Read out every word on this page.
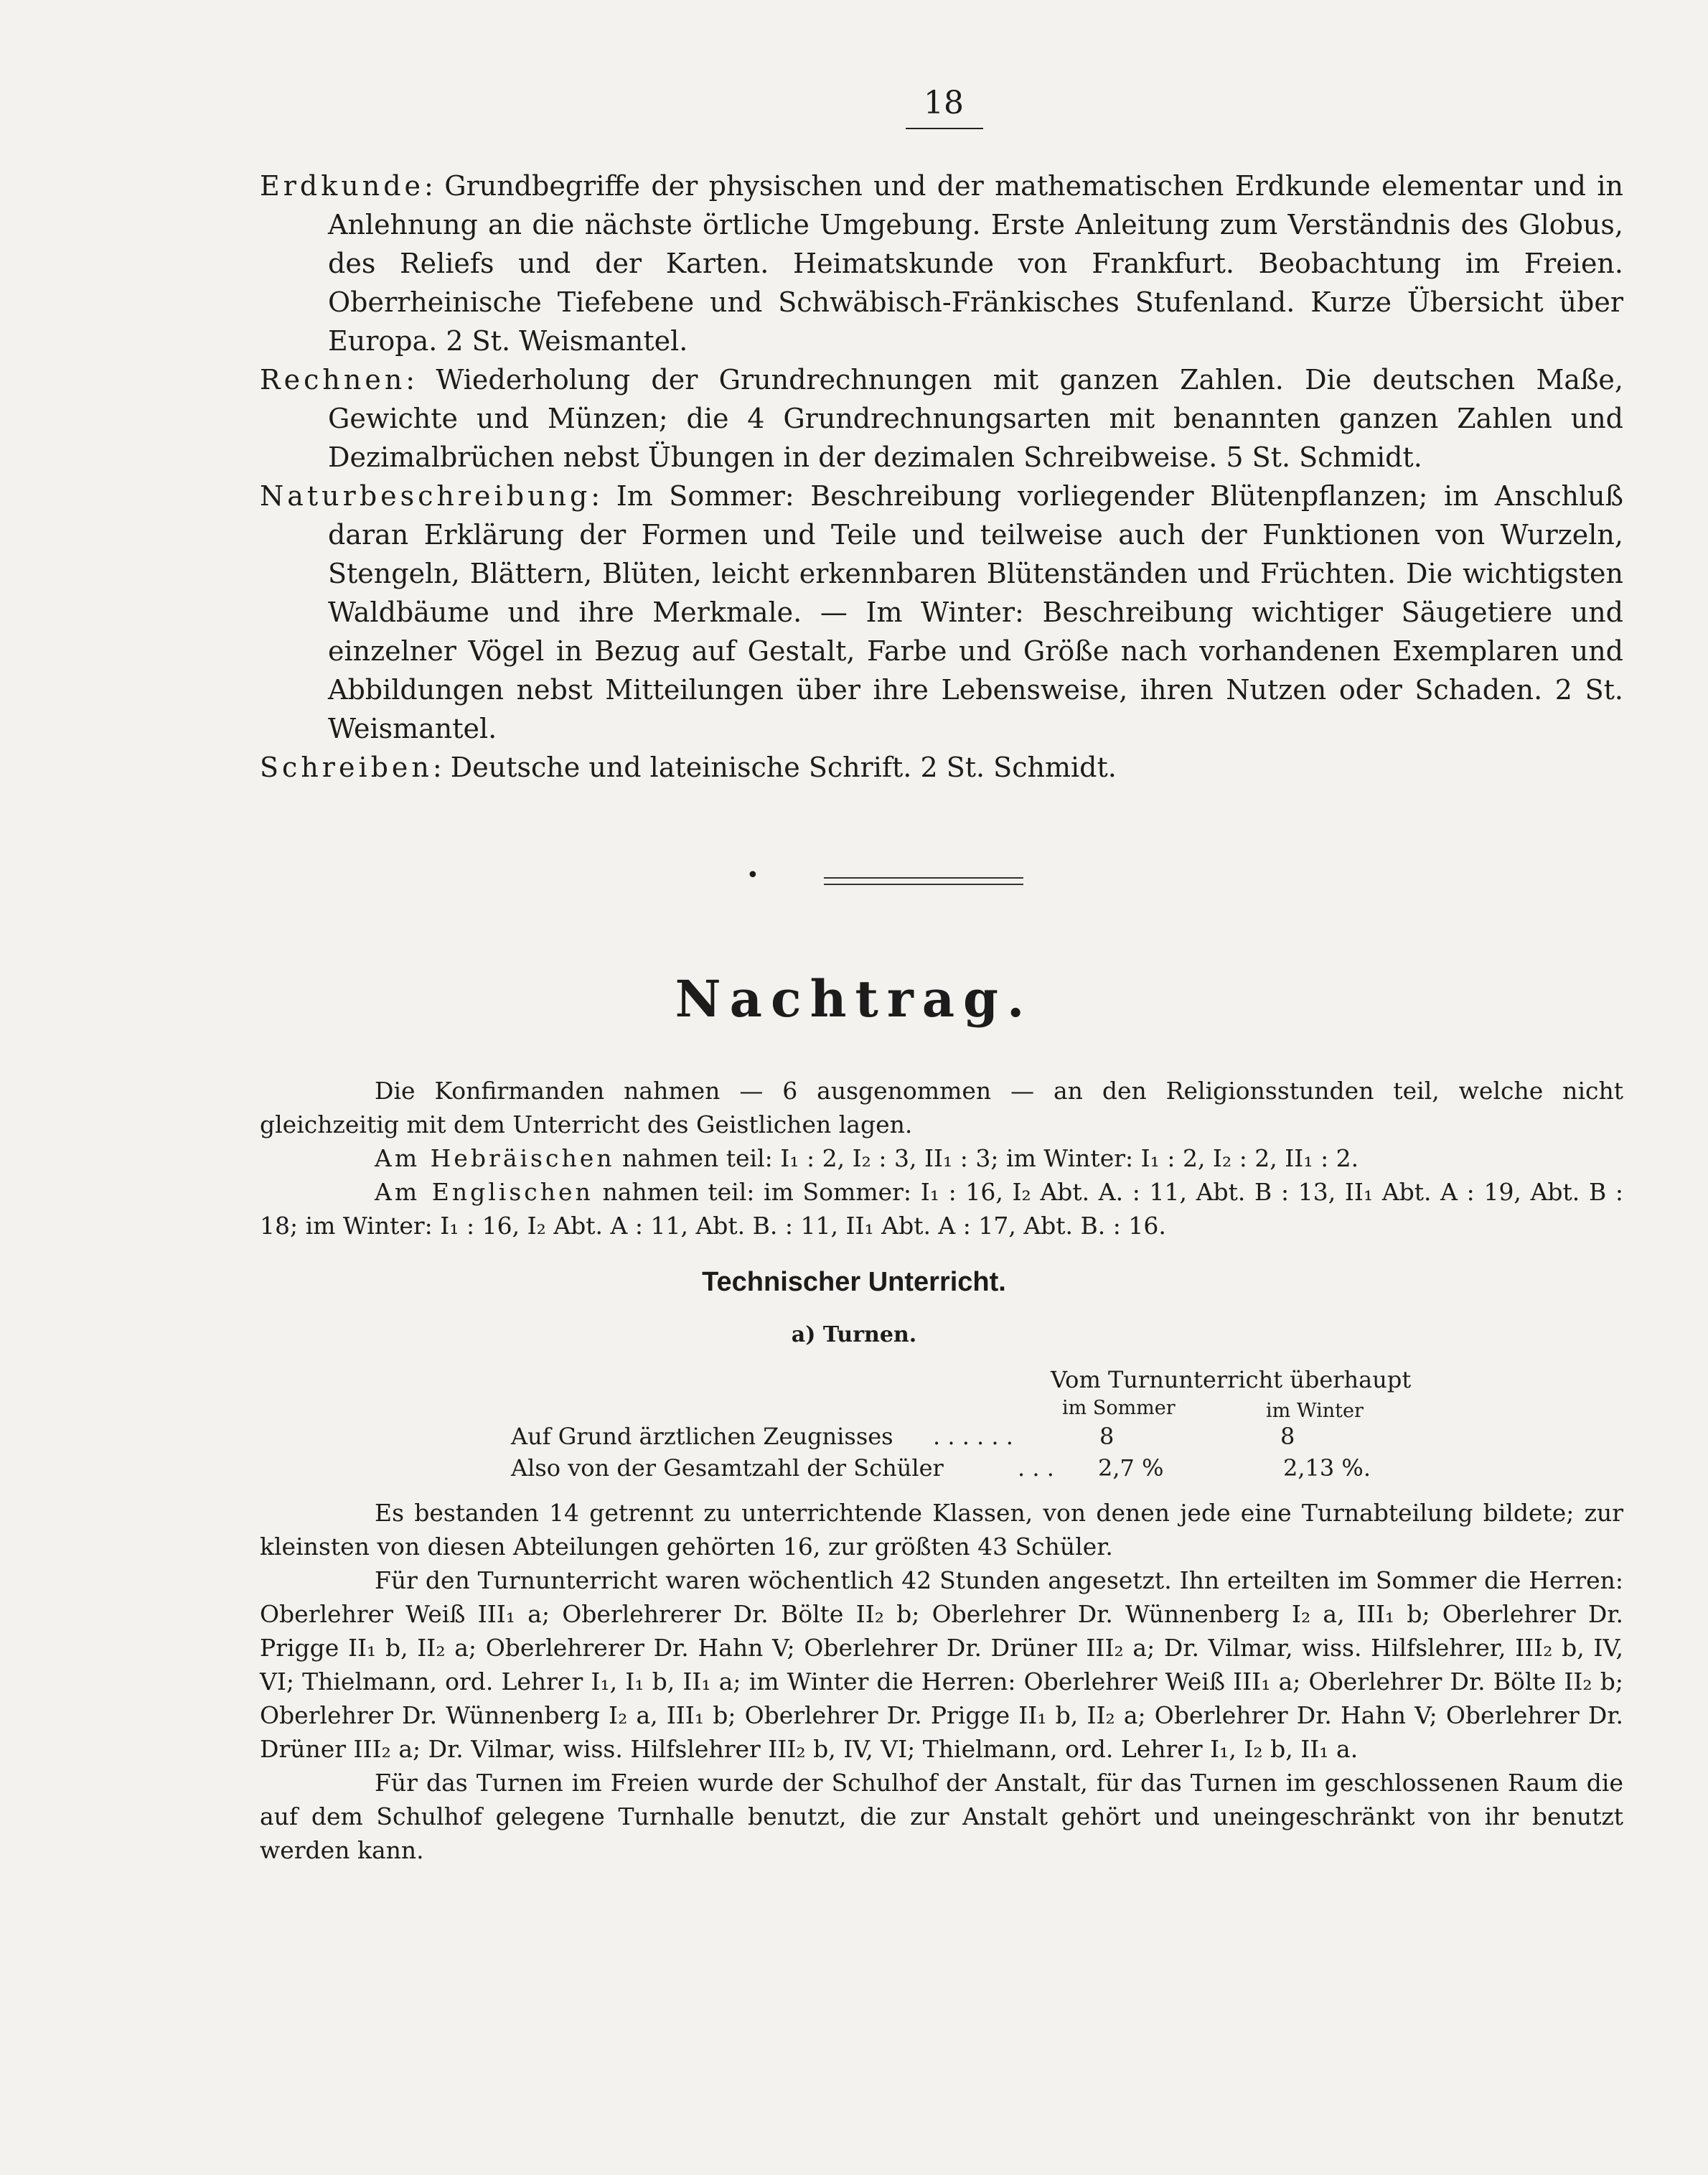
18

Erdkunde: Grundbegriffe der physischen und der mathematischen Erdkunde elementar und in Anlehnung an die nächste örtliche Umgebung. Erste Anleitung zum Verständnis des Globus, des Reliefs und der Karten. Heimatskunde von Frankfurt. Beobachtung im Freien. Oberrheinische Tiefebene und Schwäbisch-Fränkisches Stufenland. Kurze Übersicht über Europa. 2 St. Weismantel.

Rechnen: Wiederholung der Grundrechnungen mit ganzen Zahlen. Die deutschen Maße, Gewichte und Münzen; die 4 Grundrechnungsarten mit benannten ganzen Zahlen und Dezimalbrüchen nebst Übungen in der dezimalen Schreibweise. 5 St. Schmidt.

Naturbeschreibung: Im Sommer: Beschreibung vorliegender Blütenpflanzen; im Anschluß daran Erklärung der Formen und Teile und teilweise auch der Funktionen von Wurzeln, Stengeln, Blättern, Blüten, leicht erkennbaren Blütenständen und Früchten. Die wichtigsten Waldbäume und ihre Merkmale. — Im Winter: Beschreibung wichtiger Säugetiere und einzelner Vögel in Bezug auf Gestalt, Farbe und Größe nach vorhandenen Exemplaren und Abbildungen nebst Mitteilungen über ihre Lebensweise, ihren Nutzen oder Schaden. 2 St. Weismantel.

Schreiben: Deutsche und lateinische Schrift. 2 St. Schmidt.

•
Nachtrag.

Die Konfirmanden nahmen — 6 ausgenommen — an den Religionsstunden teil, welche nicht gleichzeitig mit dem Unterricht des Geistlichen lagen.

Am Hebräischen nahmen teil: I₁ : 2, I₂ : 3, II₁ : 3; im Winter: I₁ : 2, I₂ : 2, II₁ : 2.

Am Englischen nahmen teil: im Sommer: I₁ : 16, I₂ Abt. A. : 11, Abt. B : 13, II₁ Abt. A : 19, Abt. B : 18; im Winter: I₁ : 16, I₂ Abt. A : 11, Abt. B. : 11, II₁ Abt. A : 17, Abt. B. : 16.

Technischer Unterricht.
a) Turnen.
Vom Turnunterricht überhaupt
im Sommer	im Winter
Auf Grund ärztlichen Zeugnisses . . . . . .	8	8
Also von der Gesamtzahl der Schüler	. . . 2,7 %	2,13 %.

Es bestanden 14 getrennt zu unterrichtende Klassen, von denen jede eine Turnabteilung bildete; zur kleinsten von diesen Abteilungen gehörten 16, zur größten 43 Schüler.

Für den Turnunterricht waren wöchentlich 42 Stunden angesetzt. Ihn erteilten im Sommer die Herren: Oberlehrer Weiß III₁ a; Oberlehrerer Dr. Bölte II₂ b; Oberlehrer Dr. Wünnenberg I₂ a, III₁ b; Oberlehrer Dr. Prigge II₁ b, II₂ a; Oberlehrerer Dr. Hahn V; Oberlehrer Dr. Drüner III₂ a; Dr. Vilmar, wiss. Hilfslehrer, III₂ b, IV, VI; Thielmann, ord. Lehrer I₁, I₁ b, II₁ a; im Winter die Herren: Oberlehrer Weiß III₁ a; Oberlehrer Dr. Bölte II₂ b; Oberlehrer Dr. Wünnenberg I₂ a, III₁ b; Oberlehrer Dr. Prigge II₁ b, II₂ a; Oberlehrer Dr. Hahn V; Oberlehrer Dr. Drüner III₂ a; Dr. Vilmar, wiss. Hilfslehrer III₂ b, IV, VI; Thielmann, ord. Lehrer I₁, I₂ b, II₁ a.

Für das Turnen im Freien wurde der Schulhof der Anstalt, für das Turnen im geschlossenen Raum die auf dem Schulhof gelegene Turnhalle benutzt, die zur Anstalt gehört und uneingeschränkt von ihr benutzt werden kann.
